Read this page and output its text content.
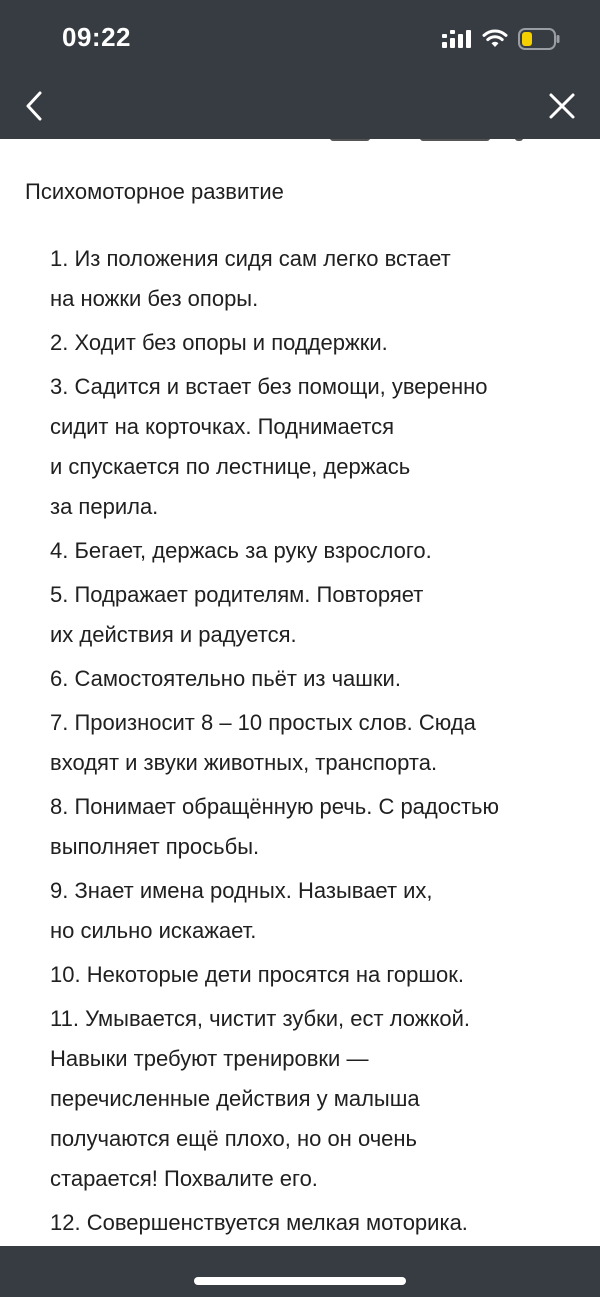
09:22
Психомоторное развитие
1. Из положения сидя сам легко встает
на ножки без опоры.
2. Ходит без опоры и поддержки.
3. Садится и встает без помощи, уверенно
сидит на корточках. Поднимается
и спускается по лестнице, держась
за перила.
4. Бегает, держась за руку взрослого.
5. Подражает родителям. Повторяет
их действия и радуется.
6. Самостоятельно пьёт из чашки.
7. Произносит 8 – 10 простых слов. Сюда
входят и звуки животных, транспорта.
8. Понимает обращённую речь. С радостью
выполняет просьбы.
9. Знает имена родных. Называет их,
но сильно искажает.
10. Некоторые дети просятся на горшок.
11. Умывается, чистит зубки, ест ложкой.
Навыки требуют тренировки —
перечисленные действия у малыша
получаются ещё плохо, но он очень
старается! Похвалите его.
12. Совершенствуется мелкая моторика.
